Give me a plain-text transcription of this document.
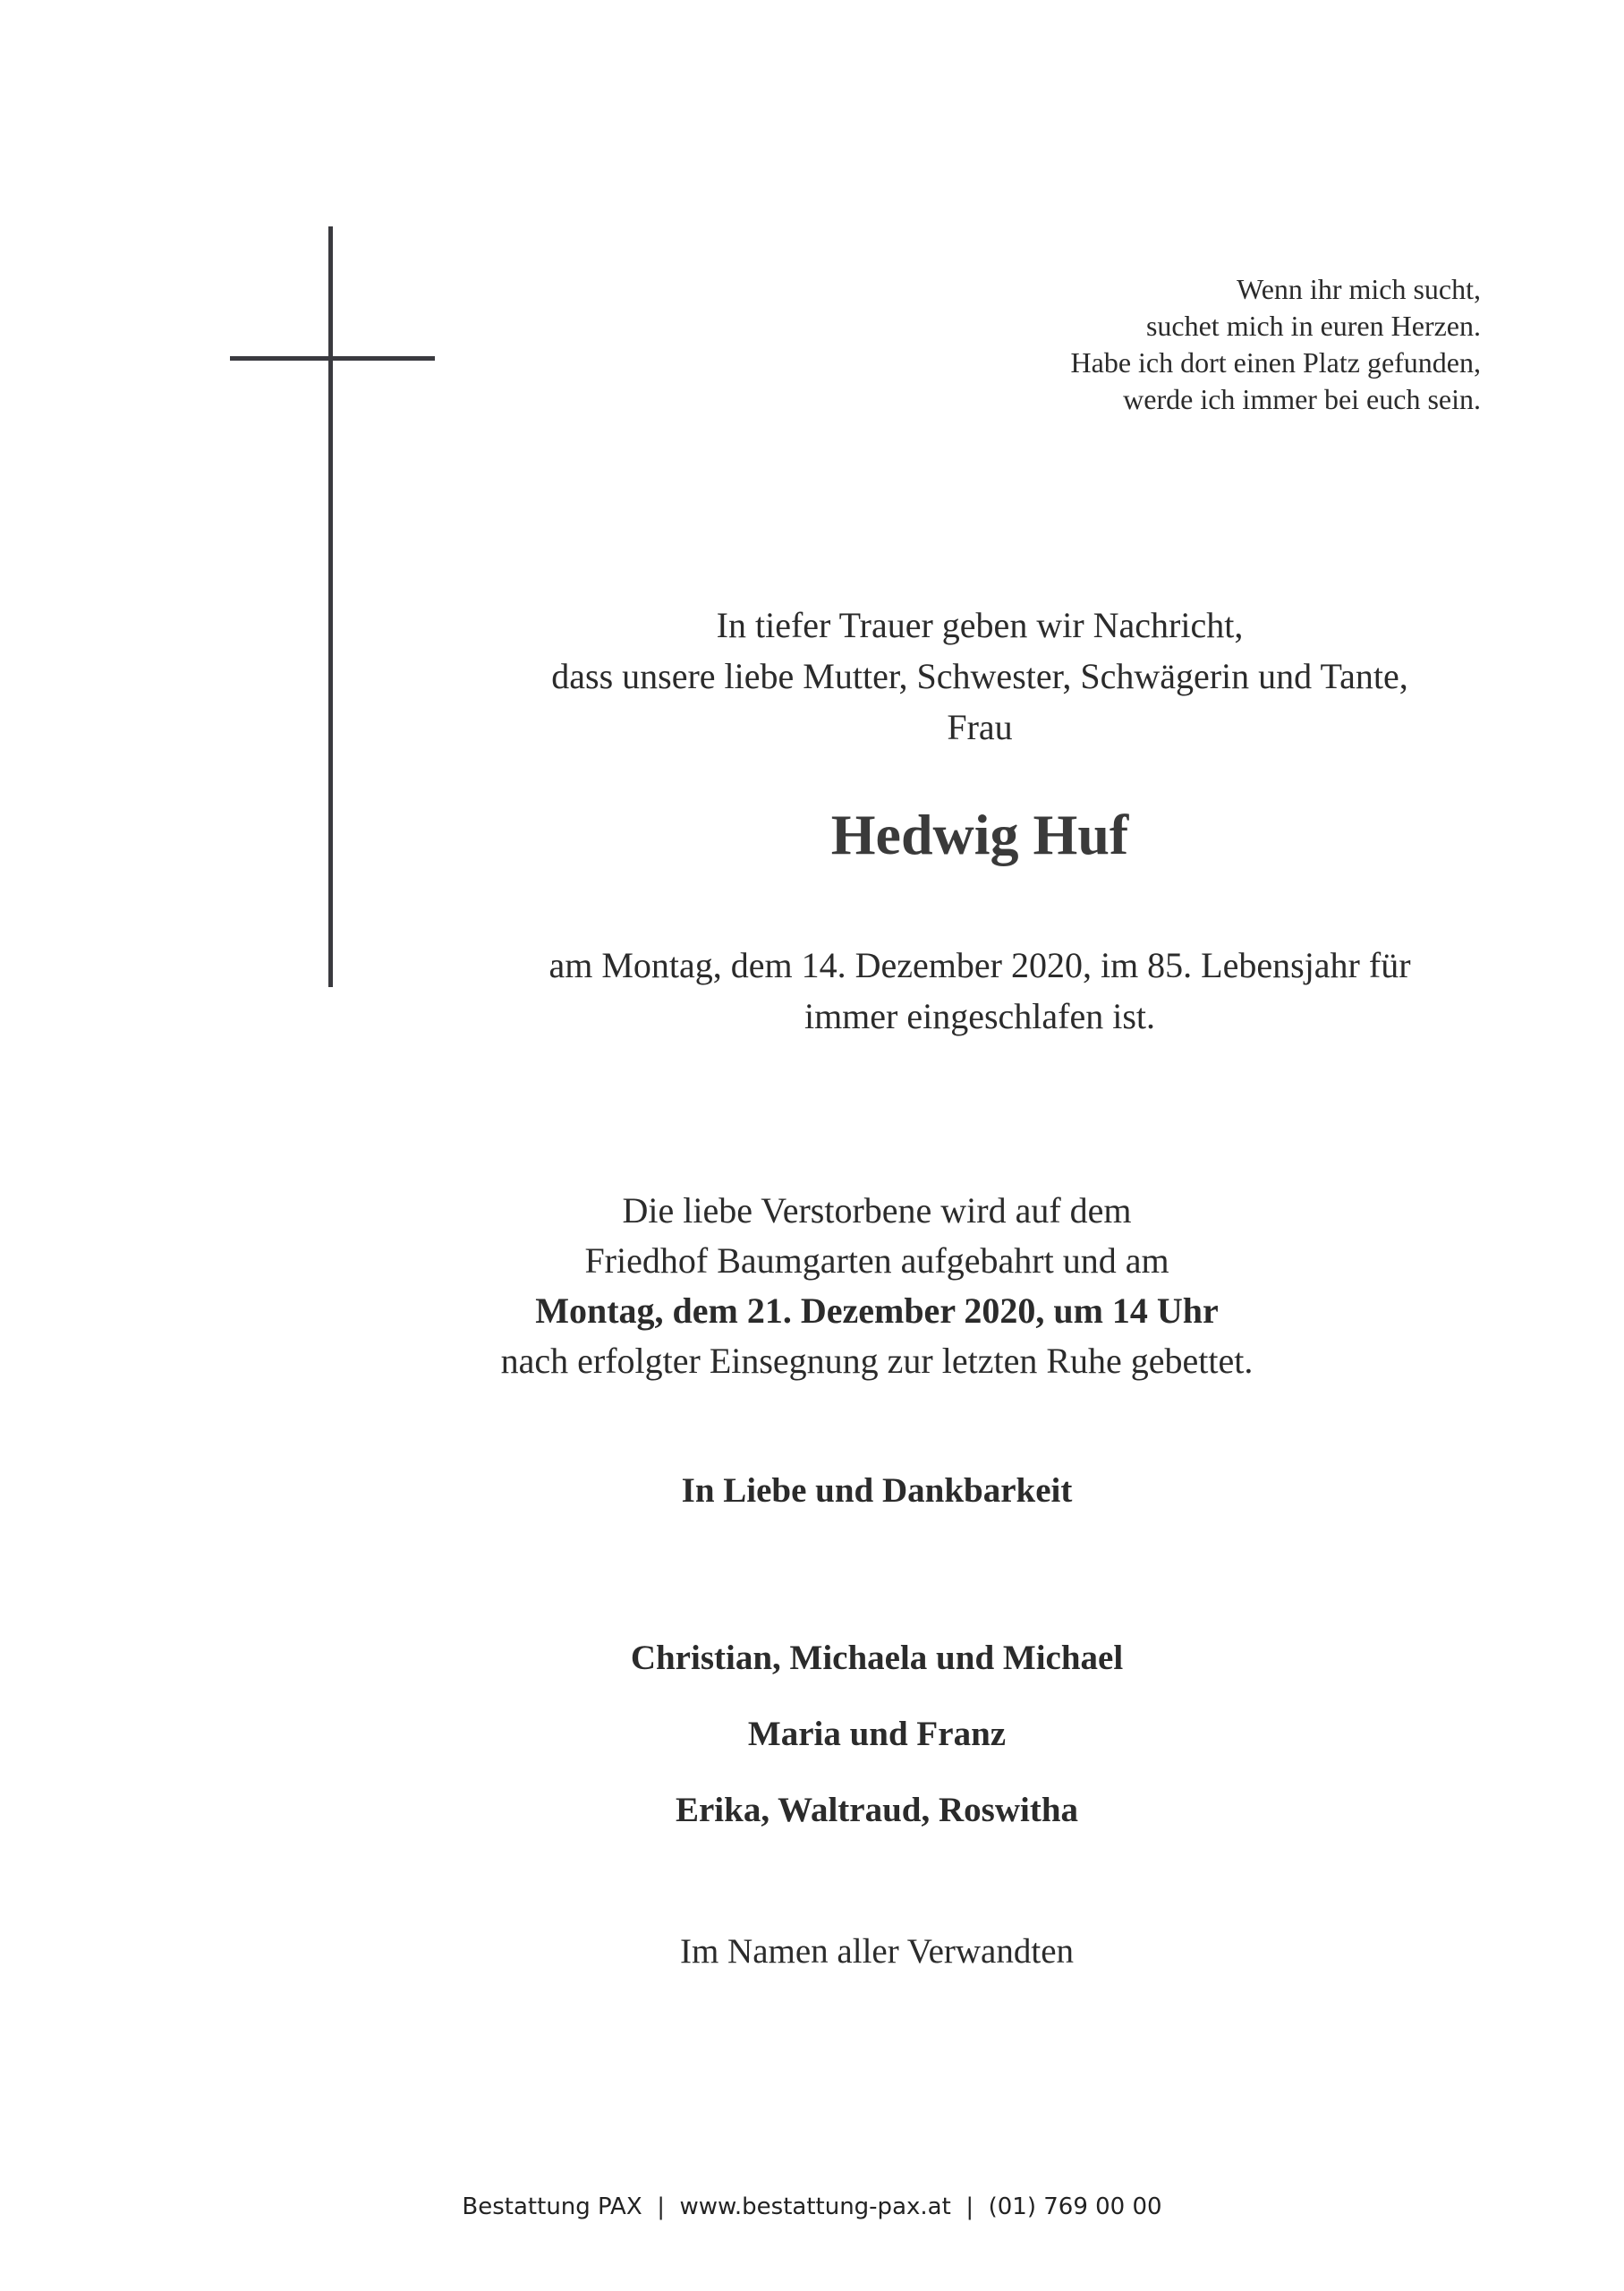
Wenn ihr mich sucht,
suchet mich in euren Herzen.
Habe ich dort einen Platz gefunden,
werde ich immer bei euch sein.
In tiefer Trauer geben wir Nachricht,
dass unsere liebe Mutter, Schwester, Schwägerin und Tante,
Frau
Hedwig Huf
am Montag, dem 14. Dezember 2020, im 85. Lebensjahr für
immer eingeschlafen ist.
Die liebe Verstorbene wird auf dem
Friedhof Baumgarten aufgebahrt und am
Montag, dem 21. Dezember 2020, um 14 Uhr
nach erfolgter Einsegnung zur letzten Ruhe gebettet.
In Liebe und Dankbarkeit
Christian, Michaela und Michael
Maria und Franz
Erika, Waltraud, Roswitha
Im Namen aller Verwandten
Bestattung PAX | www.bestattung-pax.at | (01) 769 00 00
